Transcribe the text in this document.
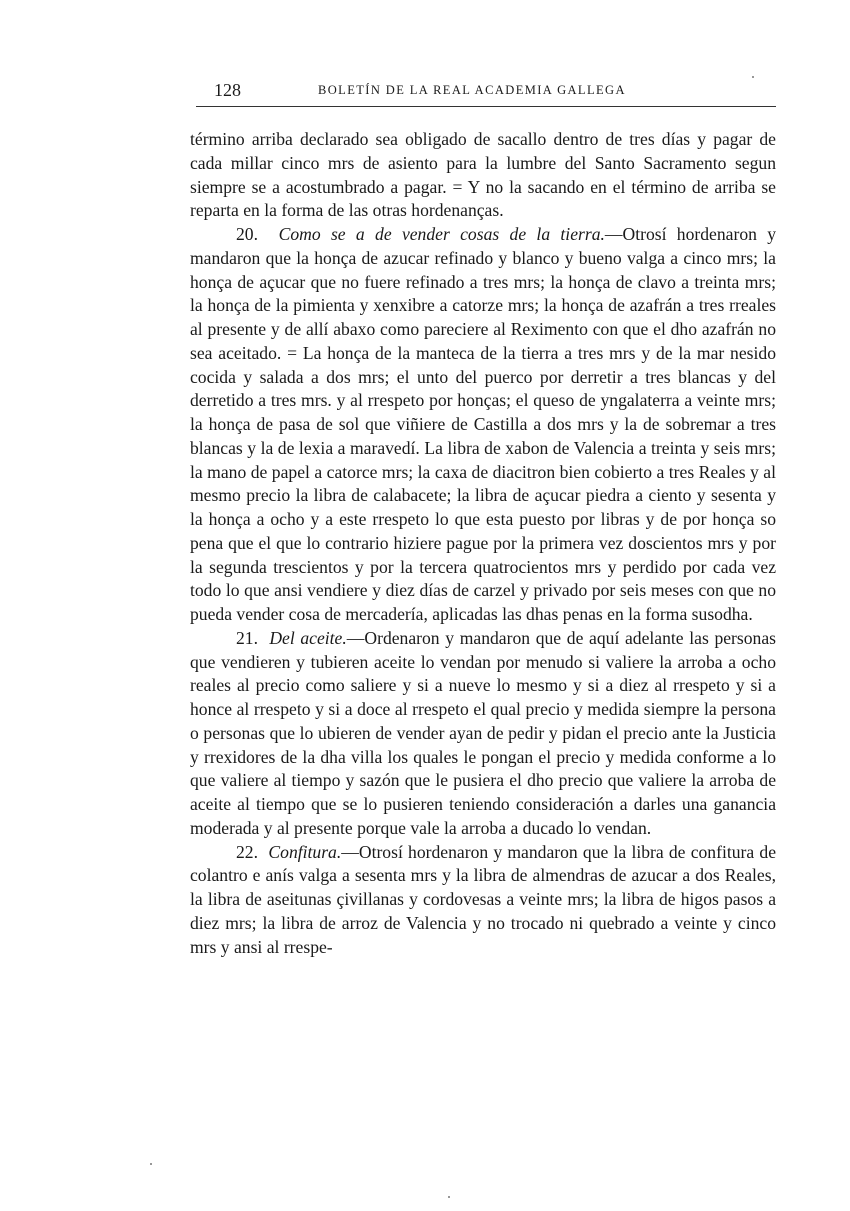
128	BOLETÍN DE LA REAL ACADEMIA GALLEGA

término arriba declarado sea obligado de sacallo dentro de tres días y pagar de cada millar cinco mrs de asiento para la lumbre del Santo Sacramento segun siempre se a acostumbrado a pagar. = Y no la sacando en el término de arriba se reparta en la forma de las otras hordenanças.

20. Como se a de vender cosas de la tierra.—Otrosí hordenaron y mandaron que la honça de azucar refinado y blanco y bueno valga a cinco mrs; la honça de açucar que no fuere refinado a tres mrs; la honça de clavo a treinta mrs; la honça de la pimienta y xenxibre a catorze mrs; la honça de azafrán a tres rreales al presente y de allí abaxo como pareciere al Reximento con que el dho azafrán no sea aceitado. = La honça de la manteca de la tierra a tres mrs y de la mar nesido cocida y salada a dos mrs; el unto del puerco por derretir a tres blancas y del derretido a tres mrs. y al rrespeto por honças; el queso de yngalaterra a veinte mrs; la honça de pasa de sol que viñiere de Castilla a dos mrs y la de sobremar a tres blancas y la de lexia a maravedí. La libra de xabon de Valencia a treinta y seis mrs; la mano de papel a catorce mrs; la caxa de diacitron bien cobierto a tres Reales y al mesmo precio la libra de calabacete; la libra de açucar piedra a ciento y sesenta y la honça a ocho y a este rrespeto lo que esta puesto por libras y de por honça so pena que el que lo contrario hiziere pague por la primera vez doscientos mrs y por la segunda trescientos y por la tercera quatrocientos mrs y perdido por cada vez todo lo que ansi vendiere y diez días de carzel y privado por seis meses con que no pueda vender cosa de mercadería, aplicadas las dhas penas en la forma susodha.

21. Del aceite.—Ordenaron y mandaron que de aquí adelante las personas que vendieren y tubieren aceite lo vendan por menudo si valiere la arroba a ocho reales al precio como saliere y si a nueve lo mesmo y si a diez al rrespeto y si a honce al rrespeto y si a doce al rrespeto el qual precio y medida siempre la persona o personas que lo ubieren de vender ayan de pedir y pidan el precio ante la Justicia y rrexidores de la dha villa los quales le pongan el precio y medida conforme a lo que valiere al tiempo y sazón que le pusiera el dho precio que valiere la arroba de aceite al tiempo que se lo pusieren teniendo consideración a darles una ganancia moderada y al presente porque vale la arroba a ducado lo vendan.

22. Confitura.—Otrosí hordenaron y mandaron que la libra de confitura de colantro e anís valga a sesenta mrs y la libra de almendras de azucar a dos Reales, la libra de aseitunas çivillanas y cordovesas a veinte mrs; la libra de higos pasos a diez mrs; la libra de arroz de Valencia y no trocado ni quebrado a veinte y cinco mrs y ansi al rrespe-
